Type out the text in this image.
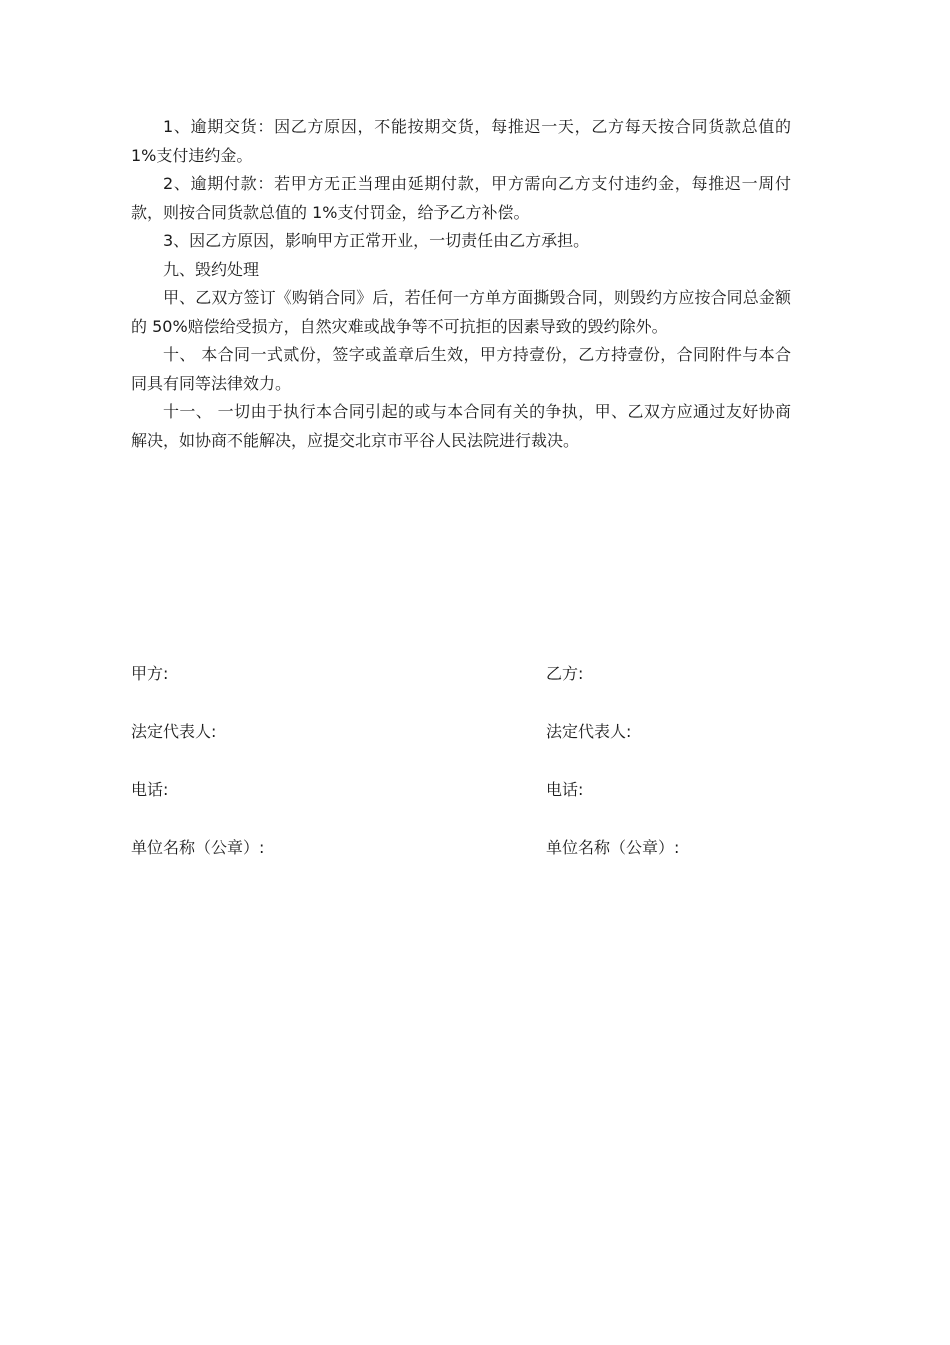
1、逾期交货：因乙方原因，不能按期交货，每推迟一天，乙方每天按合同货款总值的 1%支付违约金。

2、逾期付款：若甲方无正当理由延期付款，甲方需向乙方支付违约金，每推迟一周付款，则按合同货款总值的 1%支付罚金，给予乙方补偿。

3、因乙方原因，影响甲方正常开业，一切责任由乙方承担。

九、毁约处理

甲、乙双方签订《购销合同》后，若任何一方单方面撕毁合同，则毁约方应按合同总金额的 50%赔偿给受损方，自然灾难或战争等不可抗拒的因素导致的毁约除外。

十、 本合同一式贰份，签字或盖章后生效，甲方持壹份，乙方持壹份，合同附件与本合同具有同等法律效力。

十一、 一切由于执行本合同引起的或与本合同有关的争执，甲、乙双方应通过友好协商解决，如协商不能解决，应提交北京市平谷人民法院进行裁决。

甲方:	乙方:
法定代表人:	法定代表人:
电话:	电话:
单位名称（公章）:	单位名称（公章）:
